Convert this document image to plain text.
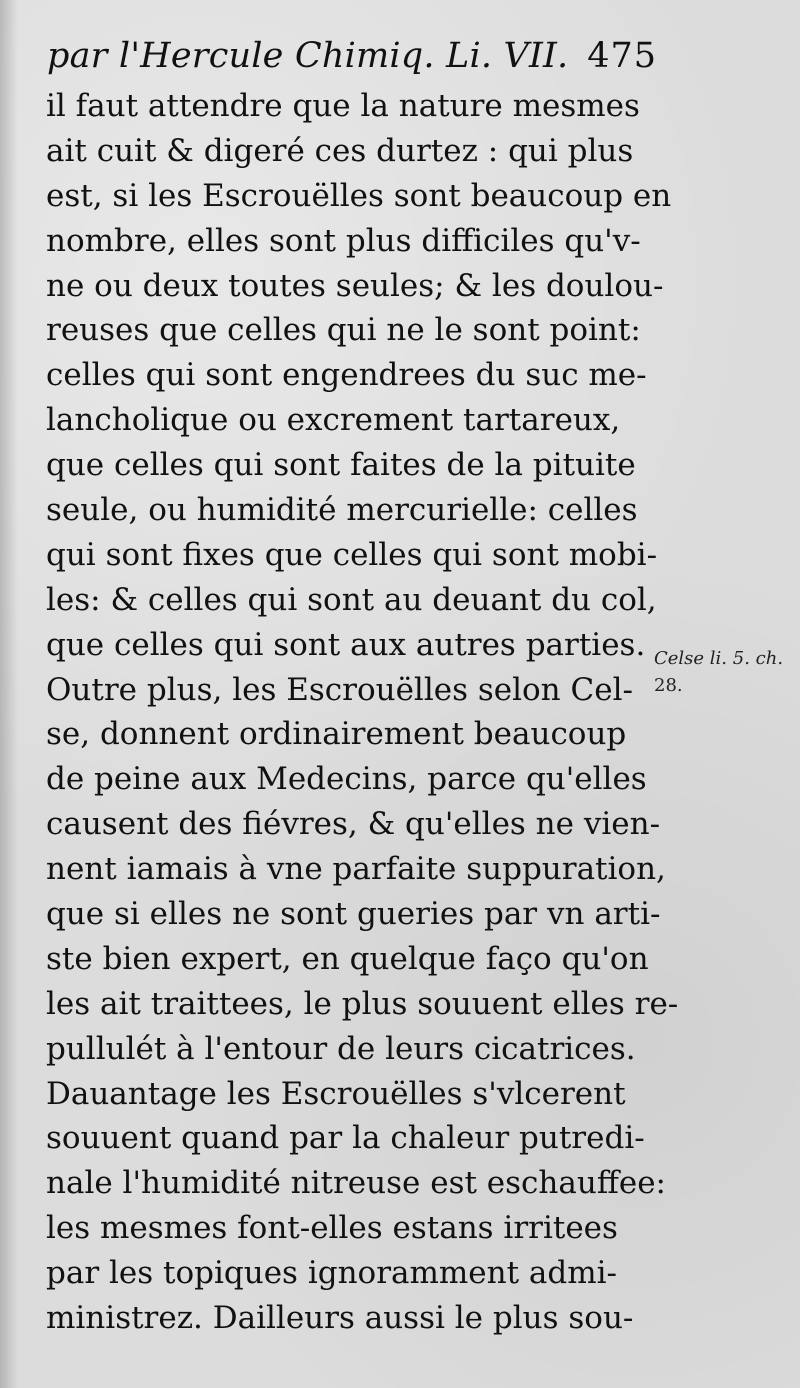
par l'Hercule Chimiq. Li. VII. 475
il faut attendre que la nature mesmes
ait cuit & digeré ces durtez : qui plus
est, si les Escrouëlles sont beaucoup en
nombre, elles sont plus difficiles qu'v-
ne ou deux toutes seules; & les doulou-
reuses que celles qui ne le sont point:
celles qui sont engendrees du suc me-
lancholique ou excrement tartareux,
que celles qui sont faites de la pituite
seule, ou humidité mercurielle: celles
qui sont fixes que celles qui sont mobi-
les: & celles qui sont au deuant du col,
que celles qui sont aux autres parties.
Outre plus, les Escrouëlles selon Cel-
se, donnent ordinairement beaucoup
de peine aux Medecins, parce qu'elles
causent des fiévres, & qu'elles ne vien-
nent iamais à vne parfaite suppuration,
que si elles ne sont gueries par vn arti-
ste bien expert, en quelque faço qu'on
les ait traittees, le plus souuent elles re-
pullulét à l'entour de leurs cicatrices.
Dauantage les Escrouëlles s'vlcerent
souuent quand par la chaleur putredi-
nale l'humidité nitreuse est eschauffee:
les mesmes font-elles estans irritees
par les topiques ignoramment admi-
ministrez. Dailleurs aussi le plus sou-
Celse li. 5. ch.
28.
